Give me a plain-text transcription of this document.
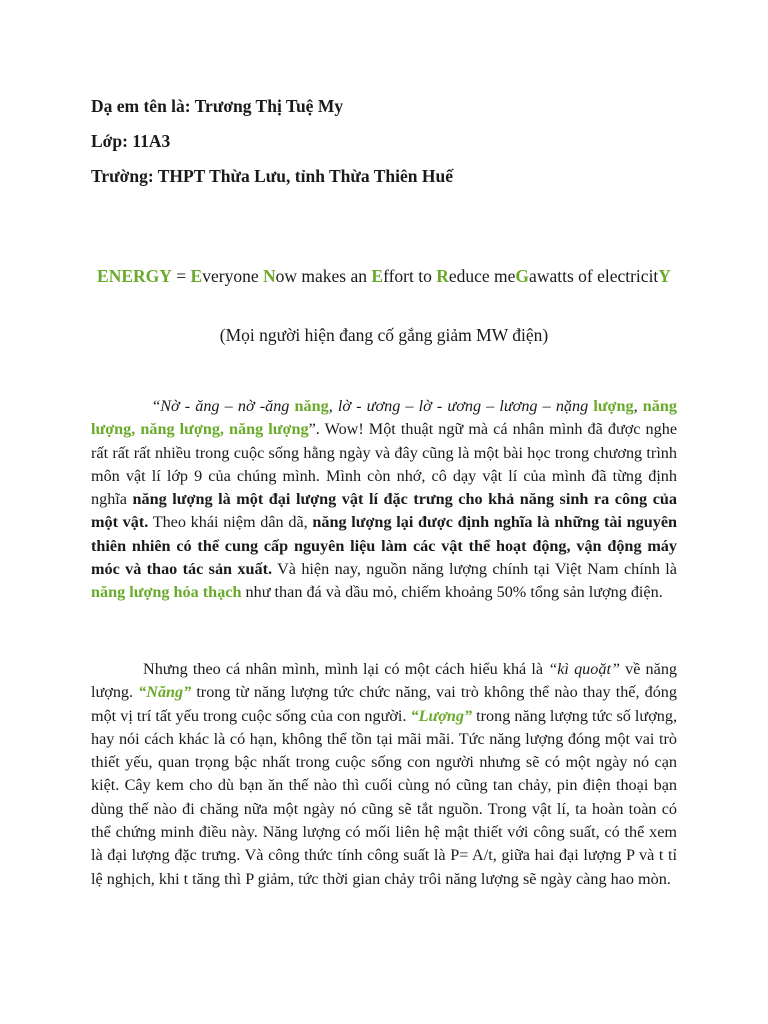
Dạ em tên là: Trương Thị Tuệ My
Lớp: 11A3
Trường: THPT Thừa Lưu, tỉnh Thừa Thiên Huế
ENERGY = Everyone Now makes an Effort to Reduce meGawatts of electricitY
(Mọi người hiện đang cố gắng giảm MW điện)
“Nờ - ăng – nờ -ăng năng, lờ - ương – lờ - ương – lương – nặng lượng, năng lượng, năng lượng, năng lượng”. Wow! Một thuật ngữ mà cá nhân mình đã được nghe rất rất rất nhiều trong cuộc sống hằng ngày và đây cũng là một bài học trong chương trình môn vật lí lớp 9 của chúng mình. Mình còn nhớ, cô dạy vật lí của mình đã từng định nghĩa năng lượng là một đại lượng vật lí đặc trưng cho khả năng sinh ra công của một vật. Theo khái niệm dân dã, năng lượng lại được định nghĩa là những tài nguyên thiên nhiên có thể cung cấp nguyên liệu làm các vật thể hoạt động, vận động máy móc và thao tác sản xuất. Và hiện nay, nguồn năng lượng chính tại Việt Nam chính là năng lượng hóa thạch như than đá và dầu mỏ, chiếm khoảng 50% tổng sản lượng điện.
Nhưng theo cá nhân mình, mình lại có một cách hiểu khá là “kì quoặt” về năng lượng. “Năng” trong từ năng lượng tức chức năng, vai trò không thể nào thay thế, đóng một vị trí tất yếu trong cuộc sống của con người. “Lượng” trong năng lượng tức số lượng, hay nói cách khác là có hạn, không thể tồn tại mãi mãi. Tức năng lượng đóng một vai trò thiết yếu, quan trọng bậc nhất trong cuộc sống con người nhưng sẽ có một ngày nó cạn kiệt. Cây kem cho dù bạn ăn thế nào thì cuối cùng nó cũng tan chảy, pin điện thoại bạn dùng thế nào đi chăng nữa một ngày nó cũng sẽ tắt nguồn. Trong vật lí, ta hoàn toàn có thể chứng minh điều này. Năng lượng có mối liên hệ mật thiết với công suất, có thể xem là đại lượng đặc trưng. Và công thức tính công suất là P= A/t, giữa hai đại lượng P và t tỉ lệ nghịch, khi t tăng thì P giảm, tức thời gian chảy trôi năng lượng sẽ ngày càng hao mòn.
